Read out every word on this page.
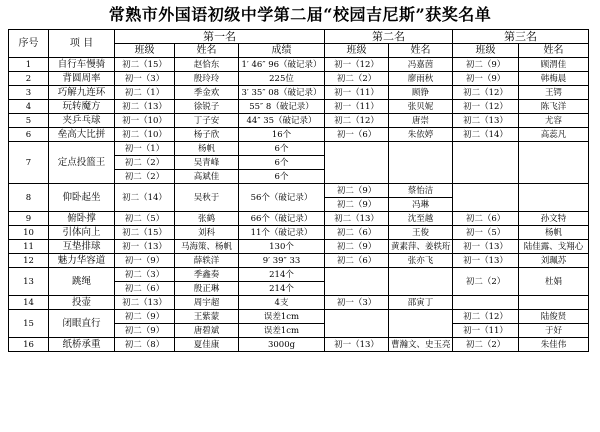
常熟市外国语初级中学第二届“校园吉尼斯”获奖名单
序号	项 目	第一名			第二名		第三名	
		班级	姓名	成绩	班级	姓名	班级	姓名
1	自行车慢骑	初二（15）	赵恰东	1′ 46″ 96（破记录）	初一（12）	冯嘉茵	初二（9）	顾渭佳
2	背圆周率	初一（3）	殷玲玲	225位	初二（2）	廖雨秋	初一（9）	韩梅晨
3	巧解九连环	初二（1）	季金欢	3′ 35″ 08（破记录）	初一（11）	顾铮	初二（12）	王锷
4	玩转魔方	初二（13）	徐锐子	55″ 8（破记录）	初一（11）	张贝妮	初一（12）	陈飞洋
5	夹乒乓球	初一（10）	丁子安	44″ 35（破记录）	初二（12）	唐崇	初二（13）	尤容
6	垒高大比拼	初二（10）	杨子欣	16个	初一（6）	朱依婷	初二（14）	高蕊凡
7	定点投篮王	初一（1）	杨帆	6个				
		初二（2）	吴青峰	6个				
		初二（2）	高斌佳	6个				
8	仰卧起坐	初二（14）	吴秋于	56个（破记录）	初二（9）	蔡怡洁		
					初二（9）	冯琳		
9	俯卧撑	初二（5）	张鹤	66个（破记录）	初二（13）	沈至越	初二（6）	孙文特
10	引体向上	初二（15）	刘科	11个（破记录）	初二（6）	王俊	初一（5）	杨帆
11	互垫排球	初一（13）	马海策、杨帆	130个	初二（9）	黄素萍、姜轶珩	初一（13）	陆佳露、戈翔心
12	魅力华容道	初一（9）	薛轶洋	9′ 39″ 33	初二（6）	张亦飞	初一（13）	刘珮苏
13	跳绳	初二（3）	季鑫奏	214个			初二（2）	杜娟
		初二（6）	殷正琳	214个				
14	投壶	初二（13）	周宇超	4支	初一（3）	邵寅丁		
15	闭眼直行	初二（9）	王紫蒙	误差1cm			初二（12）	陆俊贤
		初二（9）	唐碧斌	误差1cm			初一（11）	于好
16	纸桥承重	初二（8）	夏佳康	3000g	初一（13）	曹瀚文、史玉亮	初二（2）	朱佳伟
